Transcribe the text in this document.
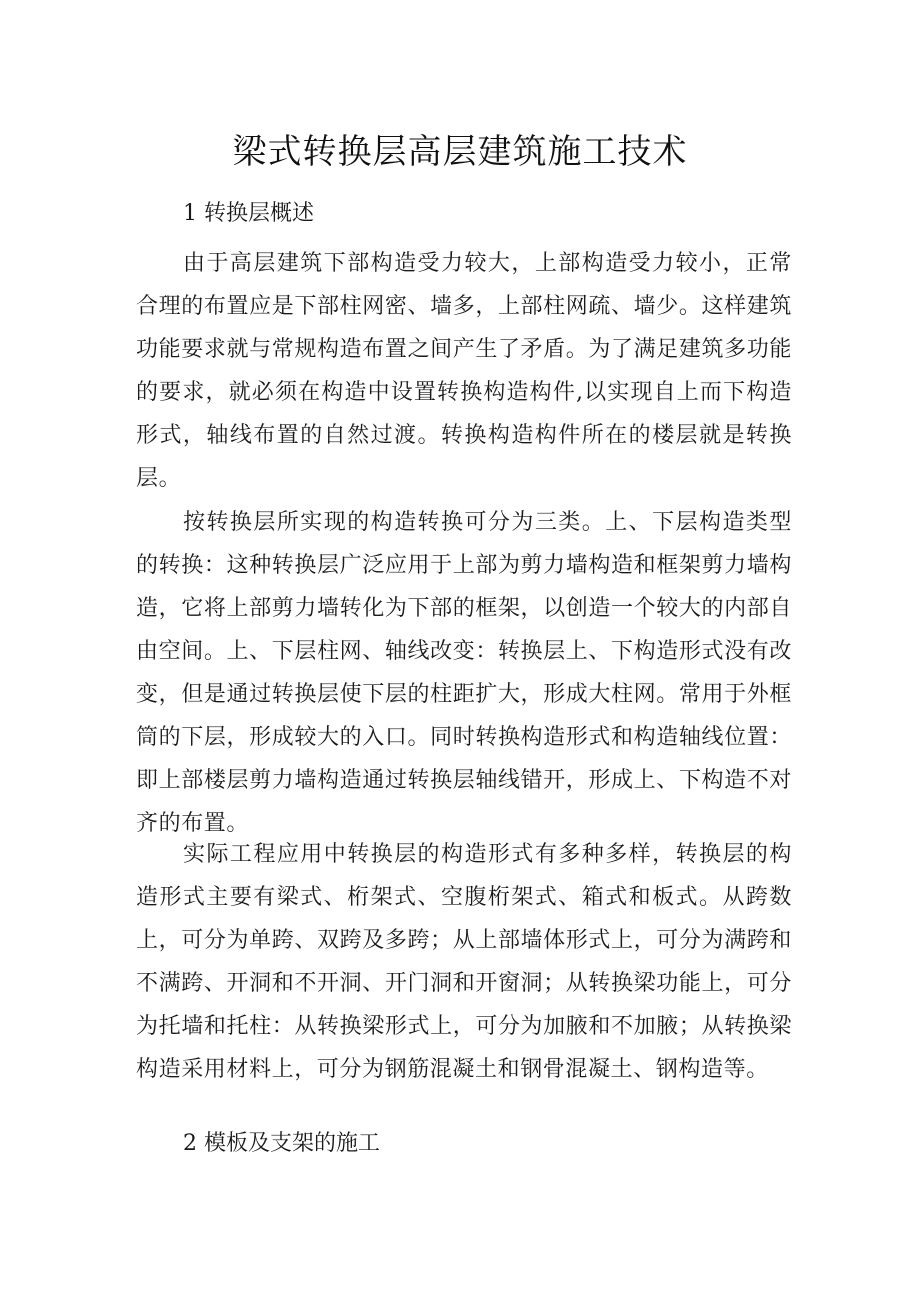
梁式转换层高层建筑施工技术
1 转换层概述

由于高层建筑下部构造受力较大，上部构造受力较小，正常合理的布置应是下部柱网密、墙多，上部柱网疏、墙少。这样建筑功能要求就与常规构造布置之间产生了矛盾。为了满足建筑多功能的要求，就必须在构造中设置转换构造构件,以实现自上而下构造形式，轴线布置的自然过渡。转换构造构件所在的楼层就是转换层。

按转换层所实现的构造转换可分为三类。上、下层构造类型的转换：这种转换层广泛应用于上部为剪力墙构造和框架剪力墙构造，它将上部剪力墙转化为下部的框架，以创造一个较大的内部自由空间。上、下层柱网、轴线改变：转换层上、下构造形式没有改变，但是通过转换层使下层的柱距扩大，形成大柱网。常用于外框筒的下层，形成较大的入口。同时转换构造形式和构造轴线位置：即上部楼层剪力墙构造通过转换层轴线错开，形成上、下构造不对齐的布置。

实际工程应用中转换层的构造形式有多种多样，转换层的构造形式主要有梁式、桁架式、空腹桁架式、箱式和板式。从跨数上，可分为单跨、双跨及多跨；从上部墙体形式上，可分为满跨和不满跨、开洞和不开洞、开门洞和开窗洞；从转换梁功能上，可分为托墙和托柱：从转换梁形式上，可分为加腋和不加腋；从转换梁构造采用材料上，可分为钢筋混凝土和钢骨混凝土、钢构造等。

2 模板及支架的施工
